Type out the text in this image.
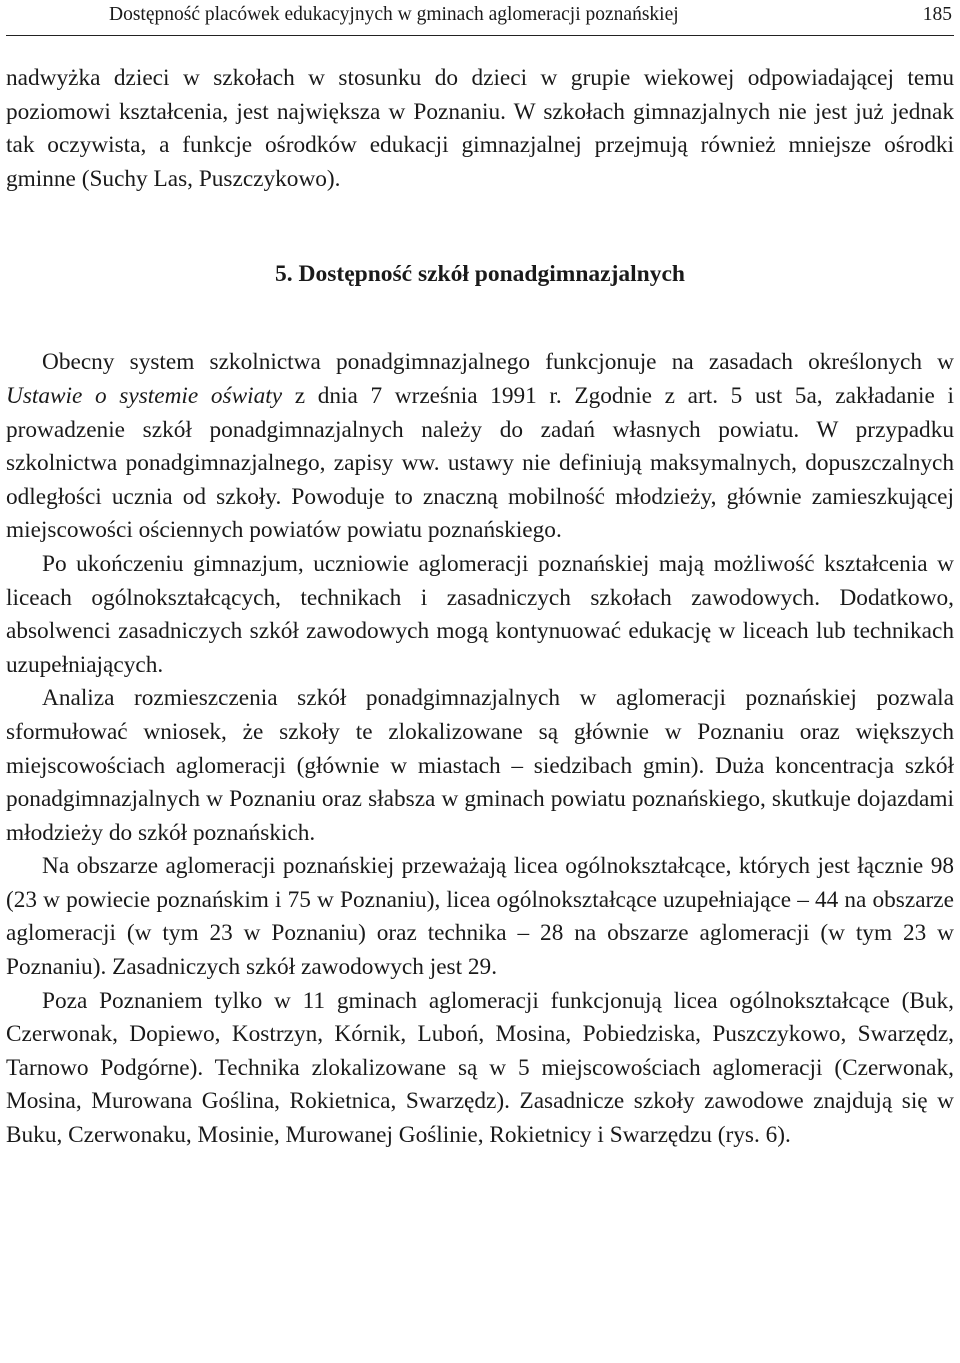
Dostępność placówek edukacyjnych w gminach aglomeracji poznańskiej	185

nadwyżka dzieci w szkołach w stosunku do dzieci w grupie wiekowej odpowiadającej temu poziomowi kształcenia, jest największa w Poznaniu. W szkołach gimnazjalnych nie jest już jednak tak oczywista, a funkcje ośrodków edukacji gimnazjalnej przejmują również mniejsze ośrodki gminne (Suchy Las, Puszczykowo).

5. Dostępność szkół ponadgimnazjalnych

Obecny system szkolnictwa ponadgimnazjalnego funkcjonuje na zasadach określonych w Ustawie o systemie oświaty z dnia 7 września 1991 r. Zgodnie z art. 5 ust 5a, zakładanie i prowadzenie szkół ponadgimnazjalnych należy do zadań własnych powiatu. W przypadku szkolnictwa ponadgimnazjalnego, zapisy ww. ustawy nie definiują maksymalnych, dopuszczalnych odległości ucznia od szkoły. Powoduje to znaczną mobilność młodzieży, głównie zamieszkującej miejscowości ościennych powiatów powiatu poznańskiego.

Po ukończeniu gimnazjum, uczniowie aglomeracji poznańskiej mają możliwość kształcenia w liceach ogólnokształcących, technikach i zasadniczych szkołach zawodowych. Dodatkowo, absolwenci zasadniczych szkół zawodowych mogą kontynuować edukację w liceach lub technikach uzupełniających.

Analiza rozmieszczenia szkół ponadgimnazjalnych w aglomeracji poznańskiej pozwala sformułować wniosek, że szkoły te zlokalizowane są głównie w Poznaniu oraz większych miejscowościach aglomeracji (głównie w miastach – siedzibach gmin). Duża koncentracja szkół ponadgimnazjalnych w Poznaniu oraz słabsza w gminach powiatu poznańskiego, skutkuje dojazdami młodzieży do szkół poznańskich.

Na obszarze aglomeracji poznańskiej przeważają licea ogólnokształcące, których jest łącznie 98 (23 w powiecie poznańskim i 75 w Poznaniu), licea ogólnokształcące uzupełniające – 44 na obszarze aglomeracji (w tym 23 w Poznaniu) oraz technika – 28 na obszarze aglomeracji (w tym 23 w Poznaniu). Zasadniczych szkół zawodowych jest 29.

Poza Poznaniem tylko w 11 gminach aglomeracji funkcjonują licea ogólnokształcące (Buk, Czerwonak, Dopiewo, Kostrzyn, Kórnik, Luboń, Mosina, Pobiedziska, Puszczykowo, Swarzędz, Tarnowo Podgórne). Technika zlokalizowane są w 5 miejscowościach aglomeracji (Czerwonak, Mosina, Murowana Goślina, Rokietnica, Swarzędz). Zasadnicze szkoły zawodowe znajdują się w Buku, Czerwonaku, Mosinie, Murowanej Goślinie, Rokietnicy i Swarzędzu (rys. 6).
